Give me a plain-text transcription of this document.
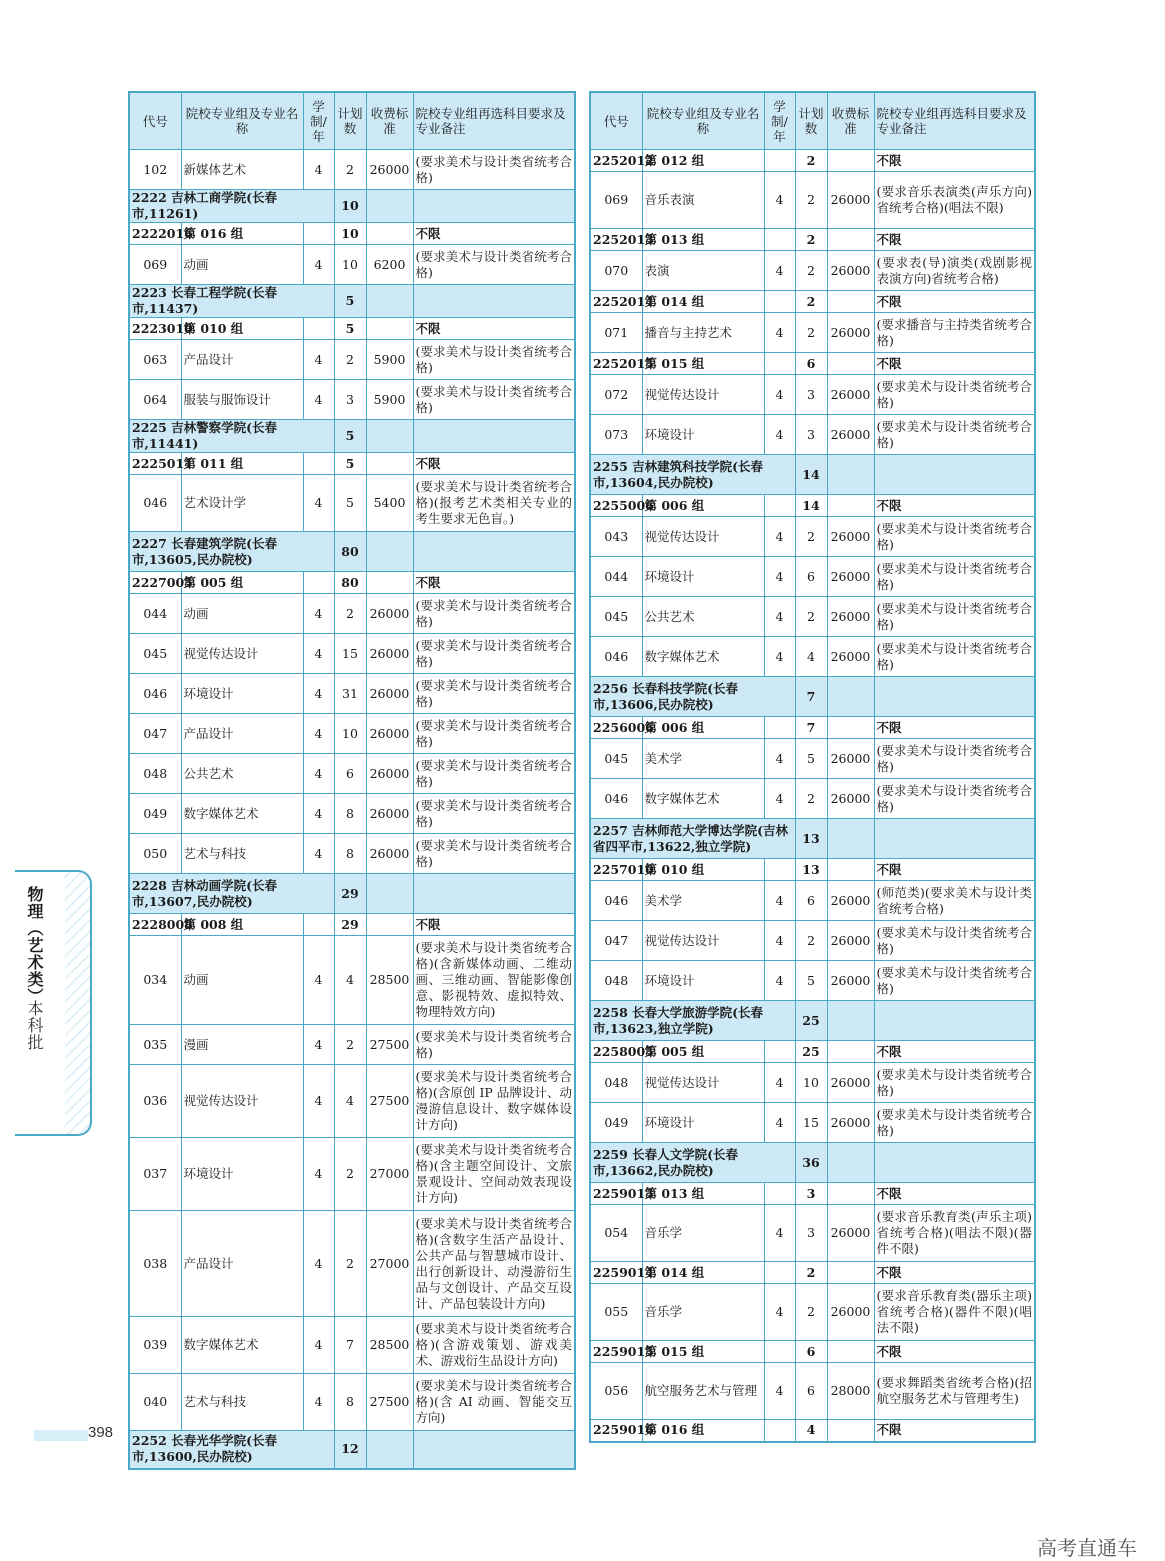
代号	院校专业组及专业名称	学制/年	计划数	收费标准	院校专业组再选科目要求及专业备注
102	新媒体艺术	4	2	26000	(要求美术与设计类省统考合格)
2222 吉林工商学院(长春市,11261)			10		
2222016	第 016 组		10		不限
069	动画	4	10	6200	(要求美术与设计类省统考合格)
2223 长春工程学院(长春市,11437)			5		
2223010	第 010 组		5		不限
063	产品设计	4	2	5900	(要求美术与设计类省统考合格)
064	服装与服饰设计	4	3	5900	(要求美术与设计类省统考合格)
2225 吉林警察学院(长春市,11441)			5		
2225011	第 011 组		5		不限
046	艺术设计学	4	5	5400	(要求美术与设计类省统考合格)(报考艺术类相关专业的考生要求无色盲。)
2227 长春建筑学院(长春市,13605,民办院校)			80		
2227005	第 005 组		80		不限
044	动画	4	2	26000	(要求美术与设计类省统考合格)
045	视觉传达设计	4	15	26000	(要求美术与设计类省统考合格)
046	环境设计	4	31	26000	(要求美术与设计类省统考合格)
047	产品设计	4	10	26000	(要求美术与设计类省统考合格)
048	公共艺术	4	6	26000	(要求美术与设计类省统考合格)
049	数字媒体艺术	4	8	26000	(要求美术与设计类省统考合格)
050	艺术与科技	4	8	26000	(要求美术与设计类省统考合格)
2228 吉林动画学院(长春市,13607,民办院校)			29		
2228008	第 008 组		29		不限
034	动画	4	4	28500	(要求美术与设计类省统考合格)(含新媒体动画、二维动画、三维动画、智能影像创意、影视特效、虚拟特效、物理特效方向)
035	漫画	4	2	27500	(要求美术与设计类省统考合格)
036	视觉传达设计	4	4	27500	(要求美术与设计类省统考合格)(含原创 IP 品牌设计、动漫游信息设计、数字媒体设计方向)
037	环境设计	4	2	27000	(要求美术与设计类省统考合格)(含主题空间设计、文旅景观设计、空间动效表现设计方向)
038	产品设计	4	2	27000	(要求美术与设计类省统考合格)(含数字生活产品设计、公共产品与智慧城市设计、出行创新设计、动漫游衍生品与文创设计、产品交互设计、产品包装设计方向)
039	数字媒体艺术	4	7	28500	(要求美术与设计类省统考合格)(含游戏策划、游戏美术、游戏衍生品设计方向)
040	艺术与科技	4	8	27500	(要求美术与设计类省统考合格)(含 AI 动画、智能交互方向)
2252 长春光华学院(长春市,13600,民办院校)			12		
代号	院校专业组及专业名称	学制/年	计划数	收费标准	院校专业组再选科目要求及专业备注
2252012	第 012 组		2		不限
069	音乐表演	4	2	26000	(要求音乐表演类(声乐方向)省统考合格)(唱法不限)
2252013	第 013 组		2		不限
070	表演	4	2	26000	(要求表(导)演类(戏剧影视表演方向)省统考合格)
2252014	第 014 组		2		不限
071	播音与主持艺术	4	2	26000	(要求播音与主持类省统考合格)
2252015	第 015 组		6		不限
072	视觉传达设计	4	3	26000	(要求美术与设计类省统考合格)
073	环境设计	4	3	26000	(要求美术与设计类省统考合格)
2255 吉林建筑科技学院(长春市,13604,民办院校)			14		
2255006	第 006 组		14		不限
043	视觉传达设计	4	2	26000	(要求美术与设计类省统考合格)
044	环境设计	4	6	26000	(要求美术与设计类省统考合格)
045	公共艺术	4	2	26000	(要求美术与设计类省统考合格)
046	数字媒体艺术	4	4	26000	(要求美术与设计类省统考合格)
2256 长春科技学院(长春市,13606,民办院校)			7		
2256006	第 006 组		7		不限
045	美术学	4	5	26000	(要求美术与设计类省统考合格)
046	数字媒体艺术	4	2	26000	(要求美术与设计类省统考合格)
2257 吉林师范大学博达学院(吉林省四平市,13622,独立学院)			13		
2257010	第 010 组		13		不限
046	美术学	4	6	26000	(师范类)(要求美术与设计类省统考合格)
047	视觉传达设计	4	2	26000	(要求美术与设计类省统考合格)
048	环境设计	4	5	26000	(要求美术与设计类省统考合格)
2258 长春大学旅游学院(长春市,13623,独立学院)			25		
2258005	第 005 组		25		不限
048	视觉传达设计	4	10	26000	(要求美术与设计类省统考合格)
049	环境设计	4	15	26000	(要求美术与设计类省统考合格)
2259 长春人文学院(长春市,13662,民办院校)			36		
2259013	第 013 组		3		不限
054	音乐学	4	3	26000	(要求音乐教育类(声乐主项)省统考合格)(唱法不限)(器件不限)
2259014	第 014 组		2		不限
055	音乐学	4	2	26000	(要求音乐教育类(器乐主项)省统考合格)(器件不限)(唱法不限)
2259015	第 015 组		6		不限
056	航空服务艺术与管理	4	6	28000	(要求舞蹈类省统考合格)(招航空服务艺术与管理考生)
2259016	第 016 组		4		不限
物理（艺术类）
本科批
398
高考直通车
